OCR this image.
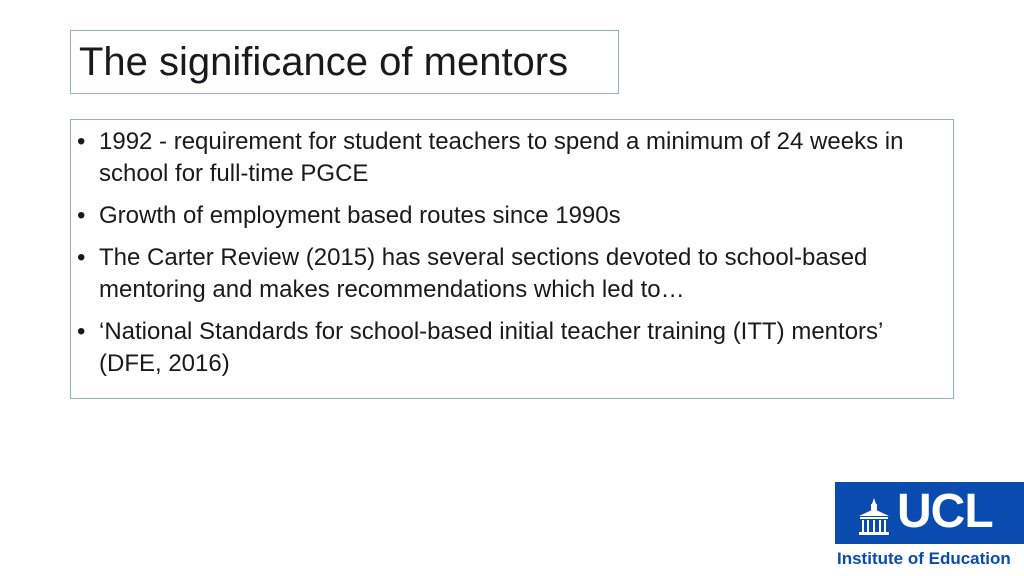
The significance of mentors
• 1992 - requirement for student teachers to spend a minimum of 24 weeks in school for full-time PGCE
• Growth of employment based routes since 1990s
• The Carter Review (2015) has several sections devoted to school-based mentoring and makes recommendations which led to…
• ‘National Standards for school-based initial teacher training (ITT) mentors’ (DFE, 2016)
UCL
Institute of Education
